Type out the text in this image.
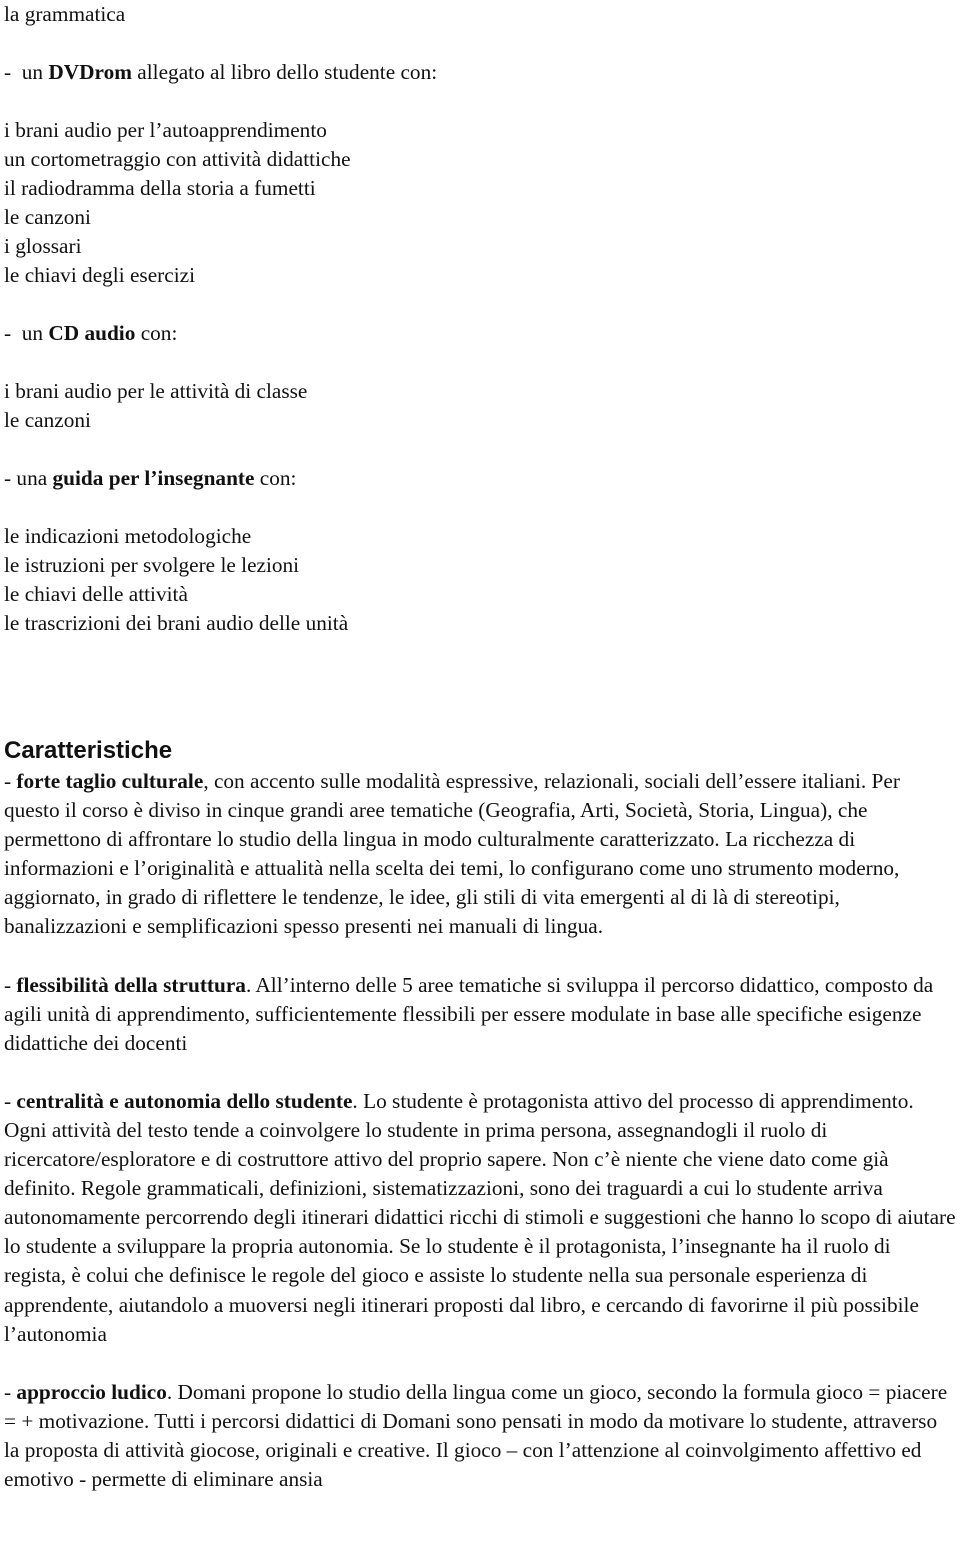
la grammatica
-  un DVDrom allegato al libro dello studente con:
i brani audio per l’autoapprendimento
un cortometraggio con attività didattiche
il radiodramma della storia a fumetti
le canzoni
i glossari
le chiavi degli esercizi
-  un CD audio con:
i brani audio per le attività di classe
le canzoni
- una guida per l’insegnante con:
le indicazioni metodologiche
le istruzioni per svolgere le lezioni
le chiavi delle attività
le trascrizioni dei brani audio delle unità
Caratteristiche

- forte taglio culturale, con accento sulle modalità espressive, relazionali, sociali dell’essere italiani. Per questo il corso è diviso in cinque grandi aree tematiche (Geografia, Arti, Società, Storia, Lingua), che permettono di affrontare lo studio della lingua in modo culturalmente caratterizzato. La ricchezza di informazioni e l’originalità e attualità nella scelta dei temi, lo configurano come uno strumento moderno, aggiornato, in grado di riflettere le tendenze, le idee, gli stili di vita emergenti al di là di stereotipi, banalizzazioni e semplificazioni spesso presenti nei manuali di lingua.

- flessibilità della struttura. All’interno delle 5 aree tematiche si sviluppa il percorso didattico, composto da agili unità di apprendimento, sufficientemente flessibili per essere modulate in base alle specifiche esigenze didattiche dei docenti

- centralità e autonomia dello studente. Lo studente è protagonista attivo del processo di apprendimento. Ogni attività del testo tende a coinvolgere lo studente in prima persona, assegnandogli il ruolo di ricercatore/esploratore e di costruttore attivo del proprio sapere. Non c’è niente che viene dato come già definito. Regole grammaticali, definizioni, sistematizzazioni, sono dei traguardi a cui lo studente arriva autonomamente percorrendo degli itinerari didattici ricchi di stimoli e suggestioni che hanno lo scopo di aiutare lo studente a sviluppare la propria autonomia. Se lo studente è il protagonista, l’insegnante ha il ruolo di regista, è colui che definisce le regole del gioco e assiste lo studente nella sua personale esperienza di apprendente, aiutandolo a muoversi negli itinerari proposti dal libro, e cercando di favorirne il più possibile l’autonomia

- approccio ludico. Domani propone lo studio della lingua come un gioco, secondo la formula gioco = piacere = + motivazione. Tutti i percorsi didattici di Domani sono pensati in modo da motivare lo studente, attraverso la proposta di attività giocose, originali e creative. Il gioco – con l’attenzione al coinvolgimento affettivo ed emotivo - permette di eliminare ansia
